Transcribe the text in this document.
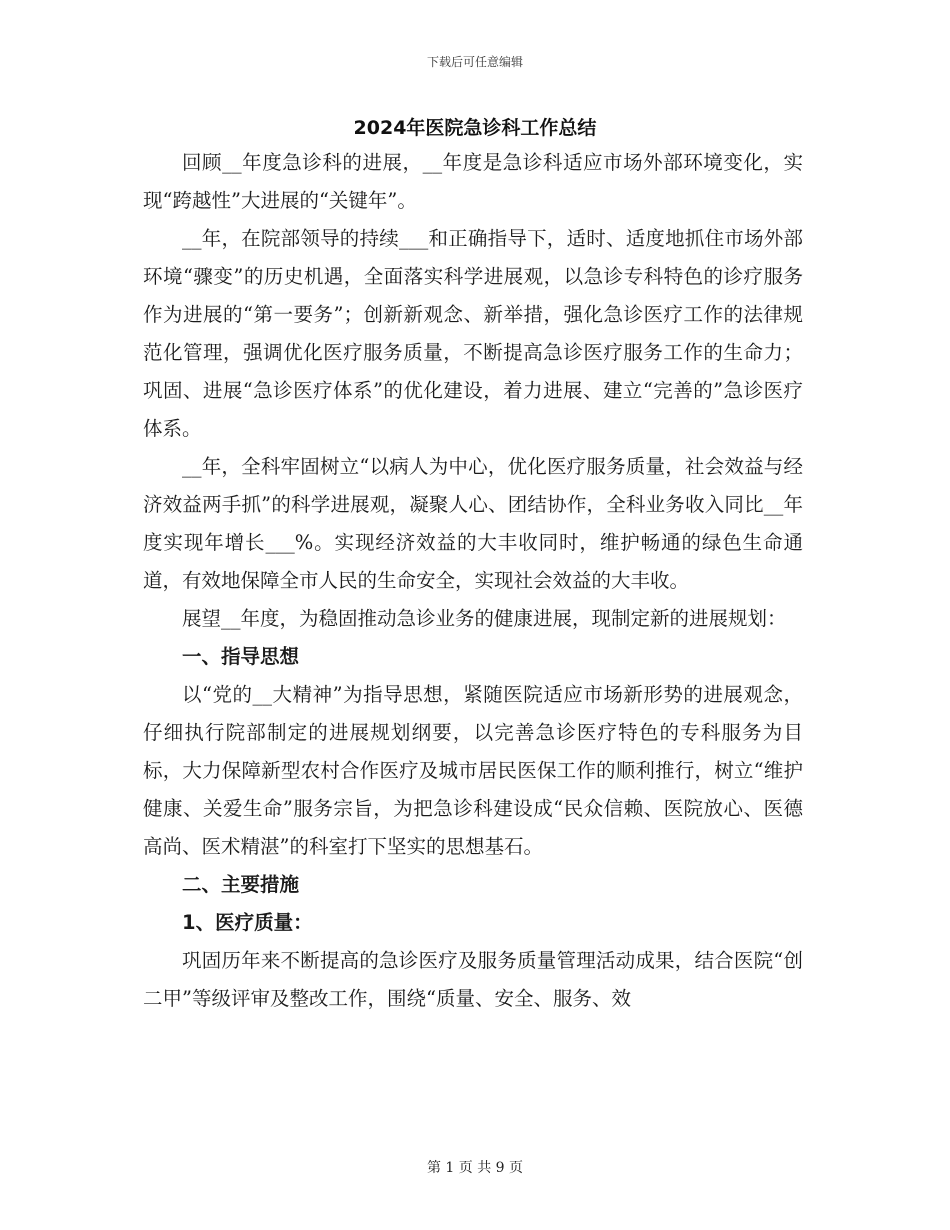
下载后可任意编辑
2024年医院急诊科工作总结

回顾__年度急诊科的进展，__年度是急诊科适应市场外部环境变化，实现“跨越性”大进展的“关键年”。

__年，在院部领导的持续___和正确指导下，适时、适度地抓住市场外部环境“骤变”的历史机遇，全面落实科学进展观，以急诊专科特色的诊疗服务作为进展的“第一要务”；创新新观念、新举措，强化急诊医疗工作的法律规范化管理，强调优化医疗服务质量，不断提高急诊医疗服务工作的生命力；巩固、进展“急诊医疗体系”的优化建设，着力进展、建立“完善的”急诊医疗体系。

__年，全科牢固树立“以病人为中心，优化医疗服务质量，社会效益与经济效益两手抓”的科学进展观，凝聚人心、团结协作，全科业务收入同比__年度实现年增长___%。实现经济效益的大丰收同时，维护畅通的绿色生命通道，有效地保障全市人民的生命安全，实现社会效益的大丰收。

展望__年度，为稳固推动急诊业务的健康进展，现制定新的进展规划：

一、指导思想

以“党的__大精神”为指导思想，紧随医院适应市场新形势的进展观念，仔细执行院部制定的进展规划纲要，以完善急诊医疗特色的专科服务为目标，大力保障新型农村合作医疗及城市居民医保工作的顺利推行，树立“维护健康、关爱生命”服务宗旨，为把急诊科建设成“民众信赖、医院放心、医德高尚、医术精湛”的科室打下坚实的思想基石。

二、主要措施
1、医疗质量：

巩固历年来不断提高的急诊医疗及服务质量管理活动成果，结合医院“创二甲”等级评审及整改工作，围绕“质量、安全、服务、效

第 1 页 共 9 页
